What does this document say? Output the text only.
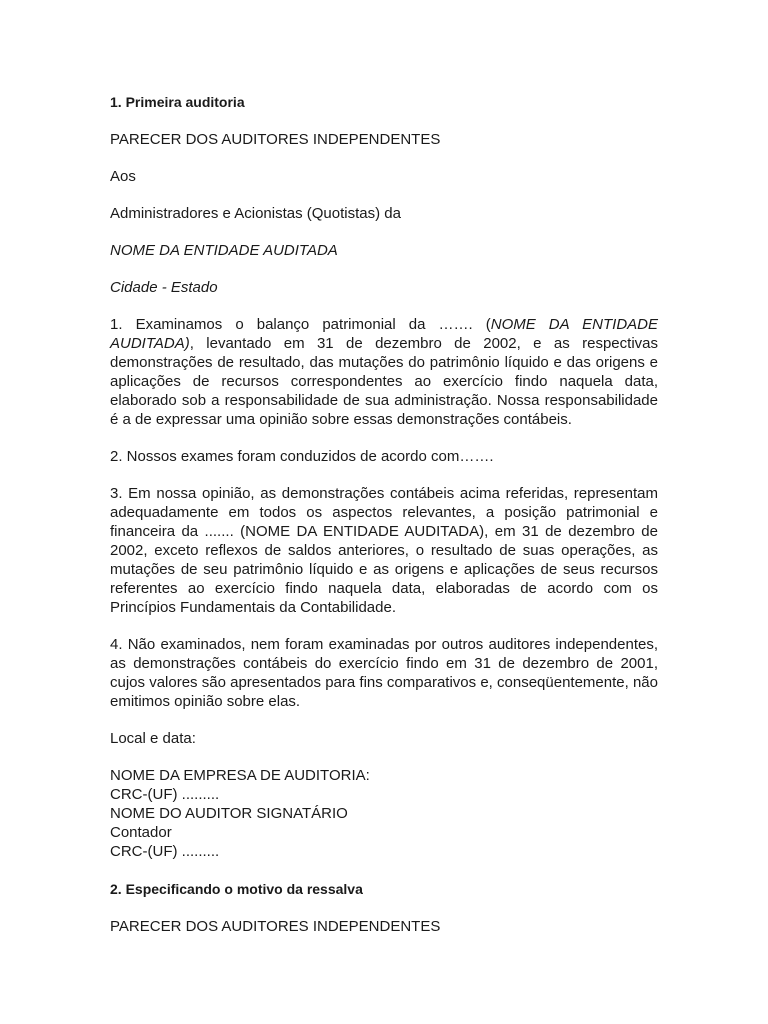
1. Primeira auditoria

PARECER DOS AUDITORES INDEPENDENTES

Aos

Administradores e Acionistas (Quotistas) da

NOME DA ENTIDADE AUDITADA

Cidade - Estado

1. Examinamos o balanço patrimonial da ……. (NOME DA ENTIDADE AUDITADA), levantado em 31 de dezembro de 2002, e as respectivas demonstrações de resultado, das mutações do patrimônio líquido e das origens e aplicações de recursos correspondentes ao exercício findo naquela data, elaborado sob a responsabilidade de sua administração. Nossa responsabilidade é a de expressar uma opinião sobre essas demonstrações contábeis.

2. Nossos exames foram conduzidos de acordo com…….

3. Em nossa opinião, as demonstrações contábeis acima referidas, representam adequadamente em todos os aspectos relevantes, a posição patrimonial e financeira da ....... (NOME DA ENTIDADE AUDITADA), em 31 de dezembro de 2002, exceto reflexos de saldos anteriores, o resultado de suas operações, as mutações de seu patrimônio líquido e as origens e aplicações de seus recursos referentes ao exercício findo naquela data, elaboradas de acordo com os Princípios Fundamentais da Contabilidade.

4. Não examinados, nem foram examinadas por outros auditores independentes, as demonstrações contábeis do exercício findo em 31 de dezembro de 2001, cujos valores são apresentados para fins comparativos e, conseqüentemente, não emitimos opinião sobre elas.

Local e data:

NOME DA EMPRESA DE AUDITORIA:

CRC-(UF) .........

NOME DO AUDITOR SIGNATÁRIO

Contador

CRC-(UF) .........

2. Especificando o motivo da ressalva

PARECER DOS AUDITORES INDEPENDENTES
